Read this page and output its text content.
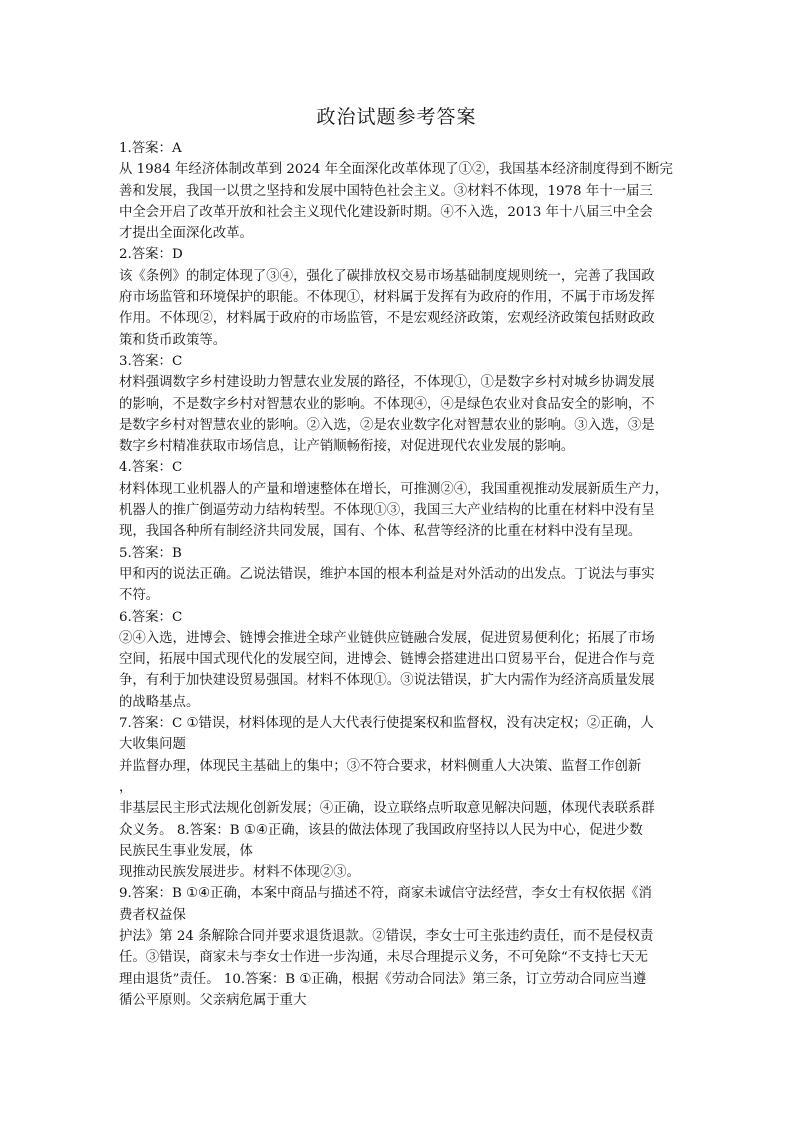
政治试题参考答案
1.答案：A
从 1984 年经济体制改革到 2024 年全面深化改革体现了①②，我国基本经济制度得到不断完
善和发展，我国一以贯之坚持和发展中国特色社会主义。③材料不体现，1978 年十一届三
中全会开启了改革开放和社会主义现代化建设新时期。④不入选，2013 年十八届三中全会
才提出全面深化改革。
2.答案：D
该《条例》的制定体现了③④，强化了碳排放权交易市场基础制度规则统一，完善了我国政
府市场监管和环境保护的职能。不体现①，材料属于发挥有为政府的作用，不属于市场发挥
作用。不体现②，材料属于政府的市场监管，不是宏观经济政策，宏观经济政策包括财政政
策和货币政策等。
3.答案：C
材料强调数字乡村建设助力智慧农业发展的路径，不体现①，①是数字乡村对城乡协调发展
的影响，不是数字乡村对智慧农业的影响。不体现④，④是绿色农业对食品安全的影响，不
是数字乡村对智慧农业的影响。②入选，②是农业数字化对智慧农业的影响。③入选，③是
数字乡村精准获取市场信息，让产销顺畅衔接，对促进现代农业发展的影响。
4.答案：C
材料体现工业机器人的产量和增速整体在增长，可推测②④，我国重视推动发展新质生产力，
机器人的推广倒逼劳动力结构转型。不体现①③，我国三大产业结构的比重在材料中没有呈
现，我国各种所有制经济共同发展，国有、个体、私营等经济的比重在材料中没有呈现。
5.答案：B
甲和丙的说法正确。乙说法错误，维护本国的根本利益是对外活动的出发点。丁说法与事实
不符。
6.答案：C
②④入选，进博会、链博会推进全球产业链供应链融合发展，促进贸易便利化；拓展了市场
空间，拓展中国式现代化的发展空间，进博会、链博会搭建进出口贸易平台，促进合作与竞
争，有利于加快建设贸易强国。材料不体现①。③说法错误，扩大内需作为经济高质量发展
的战略基点。
7.答案：C ①错误，材料体现的是人大代表行使提案权和监督权，没有决定权；②正确，人
大收集问题
并监督办理，体现民主基础上的集中；③不符合要求，材料侧重人大决策、监督工作创新
，
非基层民主形式法规化创新发展；④正确，设立联络点听取意见解决问题，体现代表联系群
众义务。 8.答案：B ①④正确，该县的做法体现了我国政府坚持以人民为中心，促进少数
民族民生事业发展，体
现推动民族发展进步。材料不体现②③。
9.答案：B ①④正确，本案中商品与描述不符，商家未诚信守法经营，李女士有权依据《消
费者权益保
护法》第 24 条解除合同并要求退货退款。②错误，李女士可主张违约责任，而不是侵权责
任。③错误，商家未与李女士作进一步沟通，未尽合理提示义务，不可免除“不支持七天无
理由退货”责任。 10.答案：B ①正确，根据《劳动合同法》第三条，订立劳动合同应当遵
循公平原则。父亲病危属于重大
